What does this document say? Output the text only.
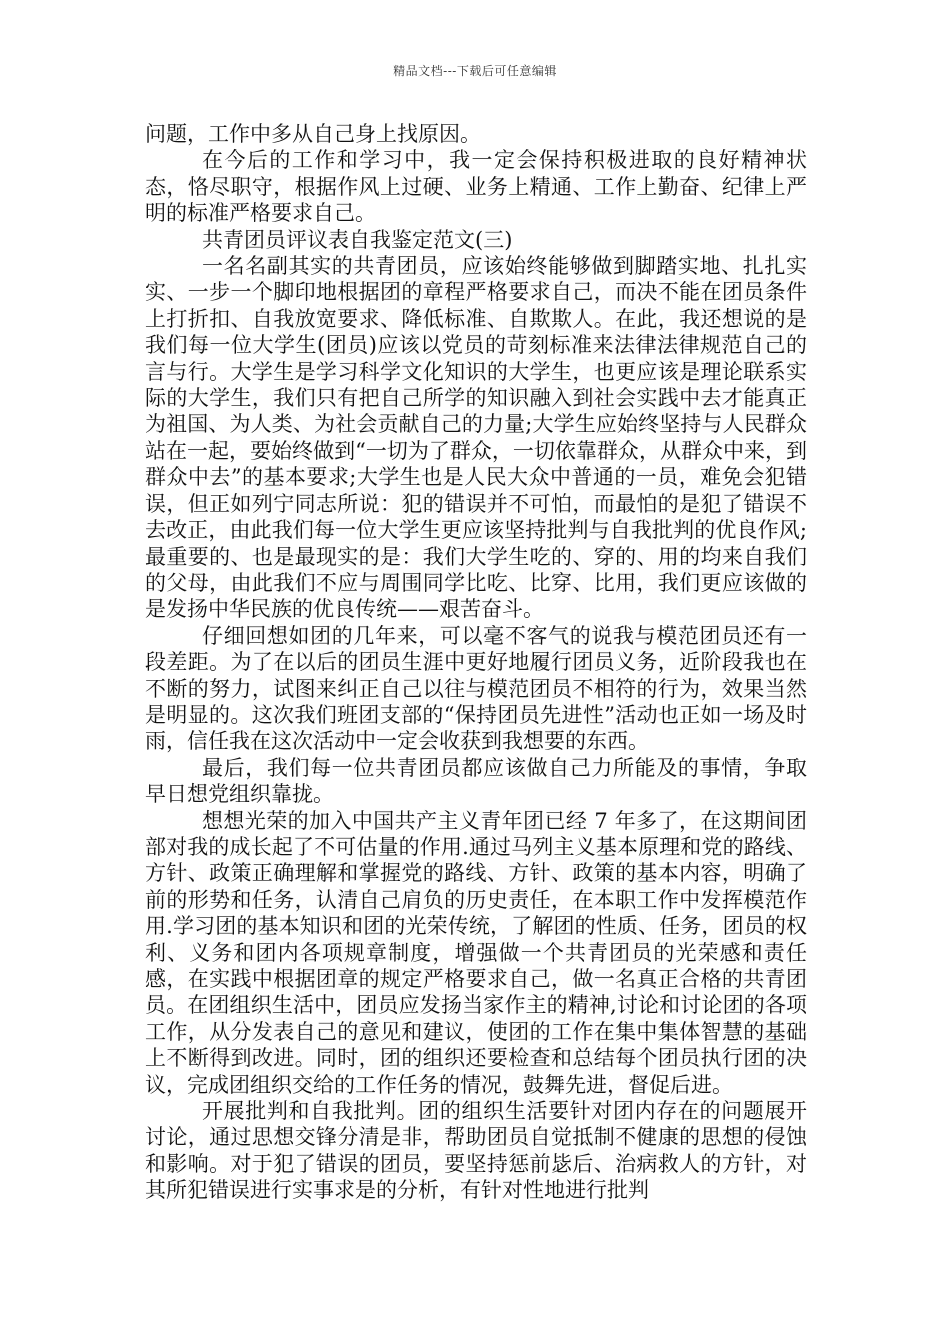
精品文档---下载后可任意编辑

问题，工作中多从自己身上找原因。

在今后的工作和学习中，我一定会保持积极进取的良好精神状态，恪尽职守，根据作风上过硬、业务上精通、工作上勤奋、纪律上严明的标准严格要求自己。

共青团员评议表自我鉴定范文(三)

一名名副其实的共青团员，应该始终能够做到脚踏实地、扎扎实实、一步一个脚印地根据团的章程严格要求自己，而决不能在团员条件上打折扣、自我放宽要求、降低标准、自欺欺人。在此，我还想说的是我们每一位大学生(团员)应该以党员的苛刻标准来法律法律规范自己的言与行。大学生是学习科学文化知识的大学生，也更应该是理论联系实际的大学生，我们只有把自己所学的知识融入到社会实践中去才能真正为祖国、为人类、为社会贡献自己的力量;大学生应始终坚持与人民群众站在一起，要始终做到“一切为了群众，一切依靠群众，从群众中来，到群众中去”的基本要求;大学生也是人民大众中普通的一员，难免会犯错误，但正如列宁同志所说：犯的错误并不可怕，而最怕的是犯了错误不去改正，由此我们每一位大学生更应该坚持批判与自我批判的优良作风;最重要的、也是最现实的是：我们大学生吃的、穿的、用的均来自我们的父母，由此我们不应与周围同学比吃、比穿、比用，我们更应该做的是发扬中华民族的优良传统——艰苦奋斗。

仔细回想如团的几年来，可以毫不客气的说我与模范团员还有一段差距。为了在以后的团员生涯中更好地履行团员义务，近阶段我也在不断的努力，试图来纠正自己以往与模范团员不相符的行为，效果当然是明显的。这次我们班团支部的“保持团员先进性”活动也正如一场及时雨，信任我在这次活动中一定会收获到我想要的东西。

最后，我们每一位共青团员都应该做自己力所能及的事情，争取早日想党组织靠拢。

想想光荣的加入中国共产主义青年团已经 7 年多了，在这期间团部对我的成长起了不可估量的作用.通过马列主义基本原理和党的路线、方针、政策正确理解和掌握党的路线、方针、政策的基本内容，明确了前的形势和任务，认清自己肩负的历史责任，在本职工作中发挥模范作用.学习团的基本知识和团的光荣传统，了解团的性质、任务，团员的权利、义务和团内各项规章制度，增强做一个共青团员的光荣感和责任感，在实践中根据团章的规定严格要求自己，做一名真正合格的共青团员。在团组织生活中，团员应发扬当家作主的精神,讨论和讨论团的各项工作，从分发表自己的意见和建议，使团的工作在集中集体智慧的基础上不断得到改进。同时，团的组织还要检查和总结每个团员执行团的决议，完成团组织交给的工作任务的情况，鼓舞先进，督促后进。

开展批判和自我批判。团的组织生活要针对团内存在的问题展开讨论，通过思想交锋分清是非，帮助团员自觉抵制不健康的思想的侵蚀和影响。对于犯了错误的团员，要坚持惩前毖后、治病救人的方针，对其所犯错误进行实事求是的分析，有针对性地进行批判
